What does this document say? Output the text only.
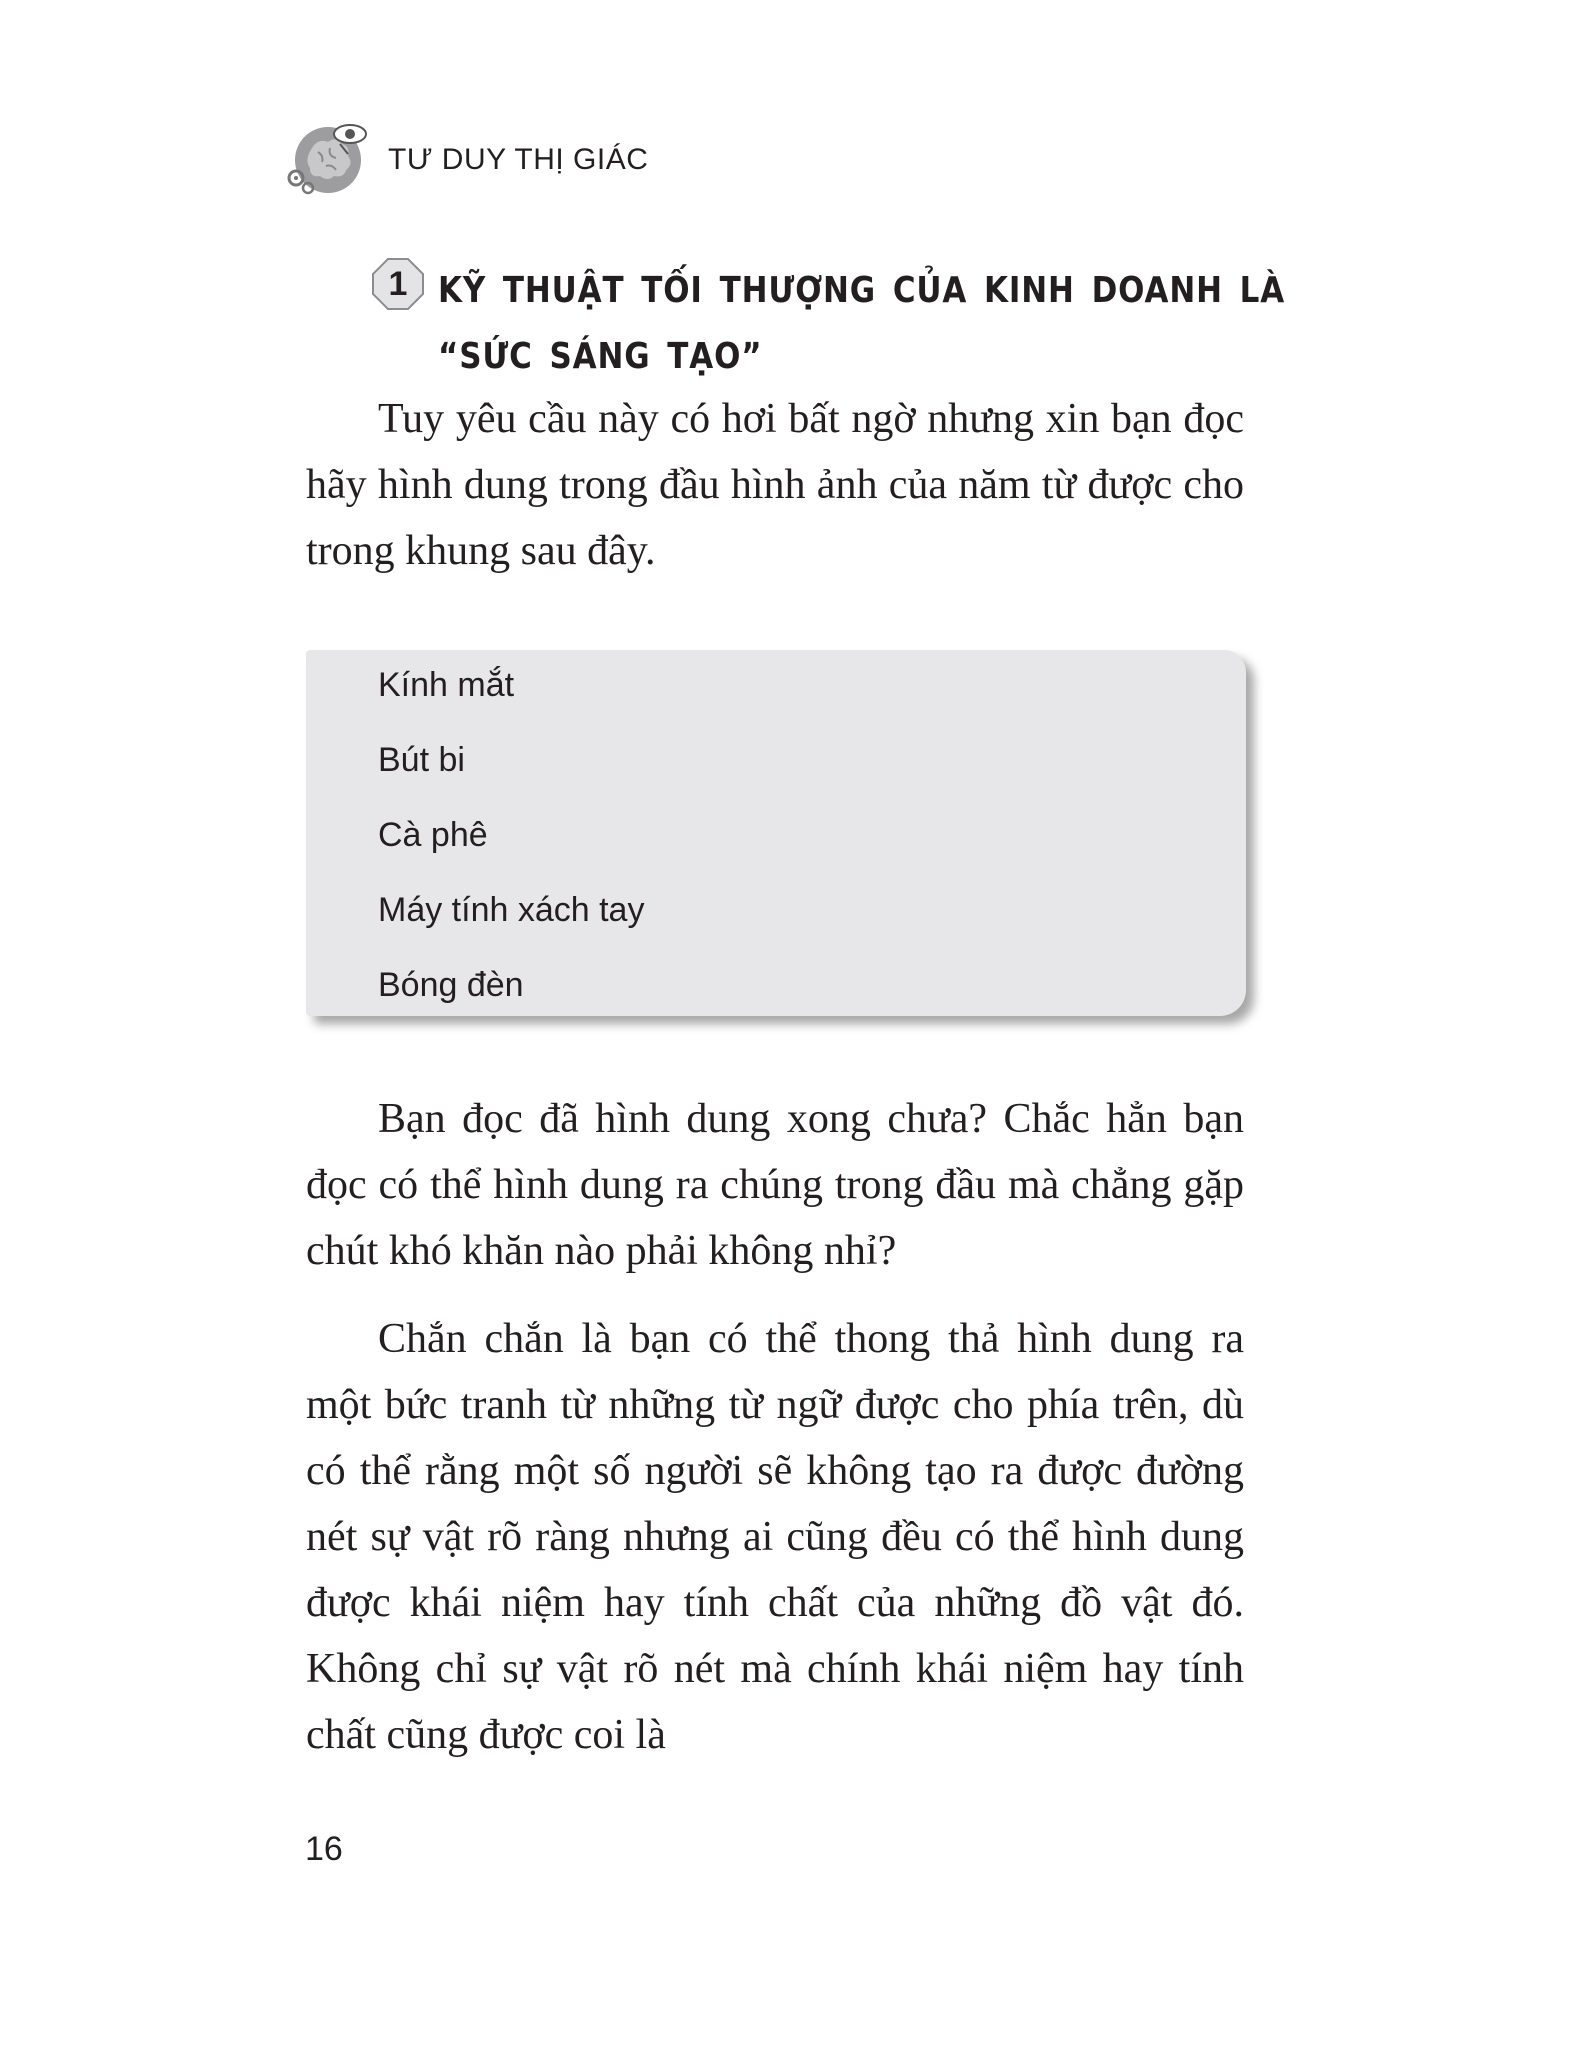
TƯ DUY THỊ GIÁC
1 KỸ THUẬT TỐI THƯỢNG CỦA KINH DOANH LÀ
“SỨC SÁNG TẠO”

Tuy yêu cầu này có hơi bất ngờ nhưng xin bạn đọc hãy hình dung trong đầu hình ảnh của năm từ được cho trong khung sau đây.

Kính mắt
Bút bi
Cà phê
Máy tính xách tay
Bóng đèn

Bạn đọc đã hình dung xong chưa? Chắc hẳn bạn đọc có thể hình dung ra chúng trong đầu mà chẳng gặp chút khó khăn nào phải không nhỉ?

Chắn chắn là bạn có thể thong thả hình dung ra một bức tranh từ những từ ngữ được cho phía trên, dù có thể rằng một số người sẽ không tạo ra được đường nét sự vật rõ ràng nhưng ai cũng đều có thể hình dung được khái niệm hay tính chất của những đồ vật đó. Không chỉ sự vật rõ nét mà chính khái niệm hay tính chất cũng được coi là

16
